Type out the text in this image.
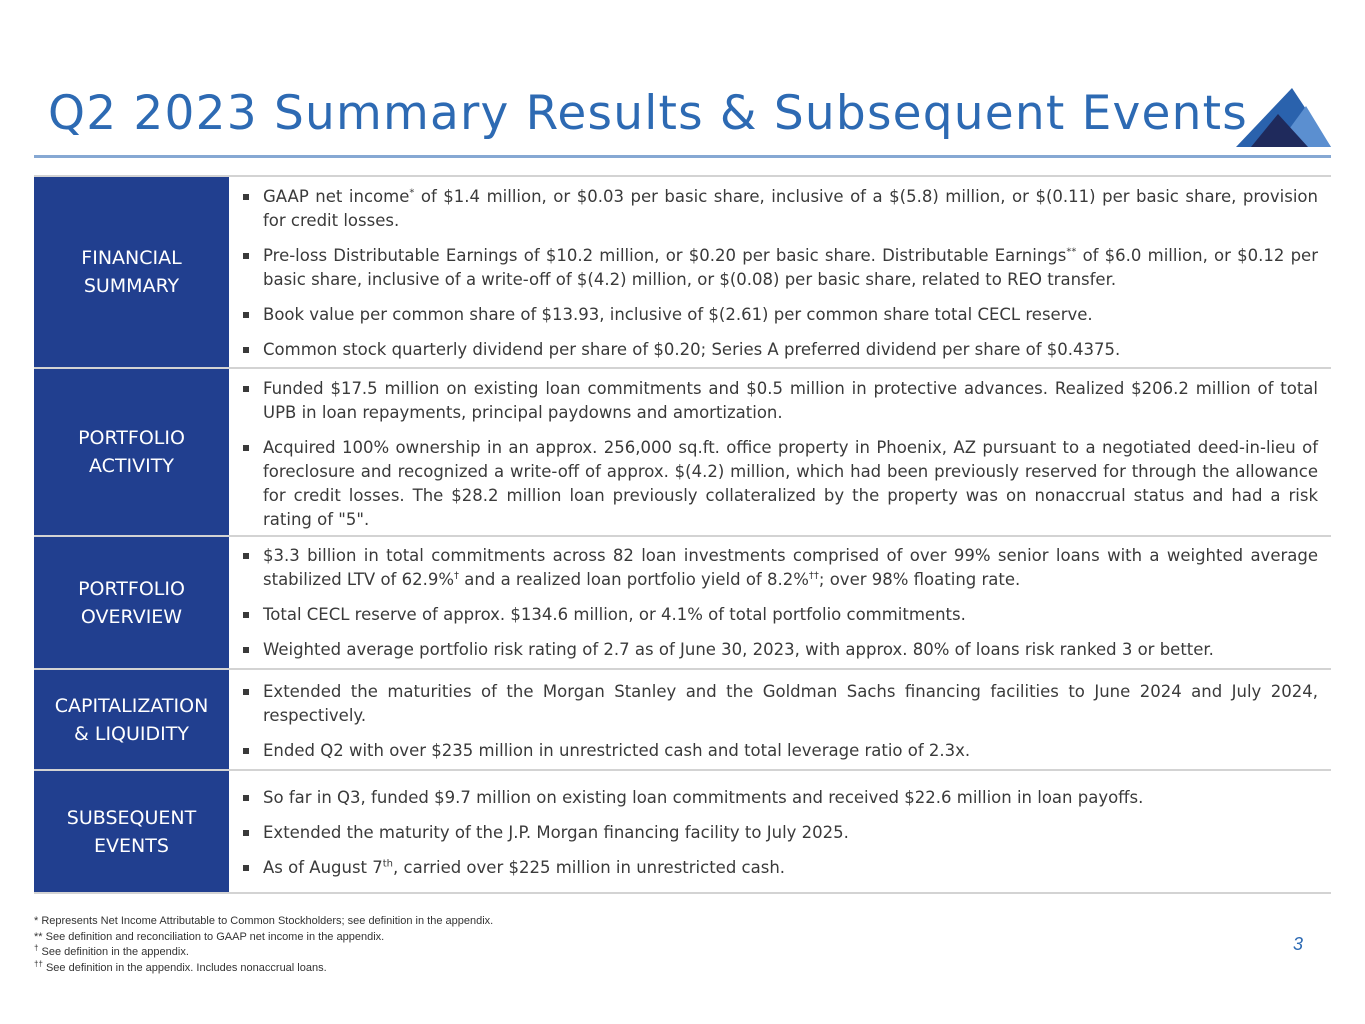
Q2 2023 Summary Results & Subsequent Events
FINANCIAL
SUMMARY
GAAP net income* of $1.4 million, or $0.03 per basic share, inclusive of a $(5.8) million, or $(0.11) per basic share, provision for credit losses.
Pre-loss Distributable Earnings of $10.2 million, or $0.20 per basic share. Distributable Earnings** of $6.0 million, or $0.12 per basic share, inclusive of a write-off of $(4.2) million, or $(0.08) per basic share, related to REO transfer.
Book value per common share of $13.93, inclusive of $(2.61) per common share total CECL reserve.
Common stock quarterly dividend per share of $0.20; Series A preferred dividend per share of $0.4375.
PORTFOLIO
ACTIVITY
Funded $17.5 million on existing loan commitments and $0.5 million in protective advances. Realized $206.2 million of total UPB in loan repayments, principal paydowns and amortization.
Acquired 100% ownership in an approx. 256,000 sq.ft. office property in Phoenix, AZ pursuant to a negotiated deed-in-lieu of foreclosure and recognized a write-off of approx. $(4.2) million, which had been previously reserved for through the allowance for credit losses. The $28.2 million loan previously collateralized by the property was on nonaccrual status and had a risk rating of "5".
PORTFOLIO
OVERVIEW
$3.3 billion in total commitments across 82 loan investments comprised of over 99% senior loans with a weighted average stabilized LTV of 62.9%† and a realized loan portfolio yield of 8.2%††; over 98% floating rate.
Total CECL reserve of approx. $134.6 million, or 4.1% of total portfolio commitments.
Weighted average portfolio risk rating of 2.7 as of June 30, 2023, with approx. 80% of loans risk ranked 3 or better.
CAPITALIZATION
& LIQUIDITY
Extended the maturities of the Morgan Stanley and the Goldman Sachs financing facilities to June 2024 and July 2024, respectively.
Ended Q2 with over $235 million in unrestricted cash and total leverage ratio of 2.3x.
SUBSEQUENT
EVENTS
So far in Q3, funded $9.7 million on existing loan commitments and received $22.6 million in loan payoffs.
Extended the maturity of the J.P. Morgan financing facility to July 2025.
As of August 7th, carried over $225 million in unrestricted cash.
* Represents Net Income Attributable to Common Stockholders; see definition in the appendix.
** See definition and reconciliation to GAAP net income in the appendix.
† See definition in the appendix.
†† See definition in the appendix. Includes nonaccrual loans.
3
